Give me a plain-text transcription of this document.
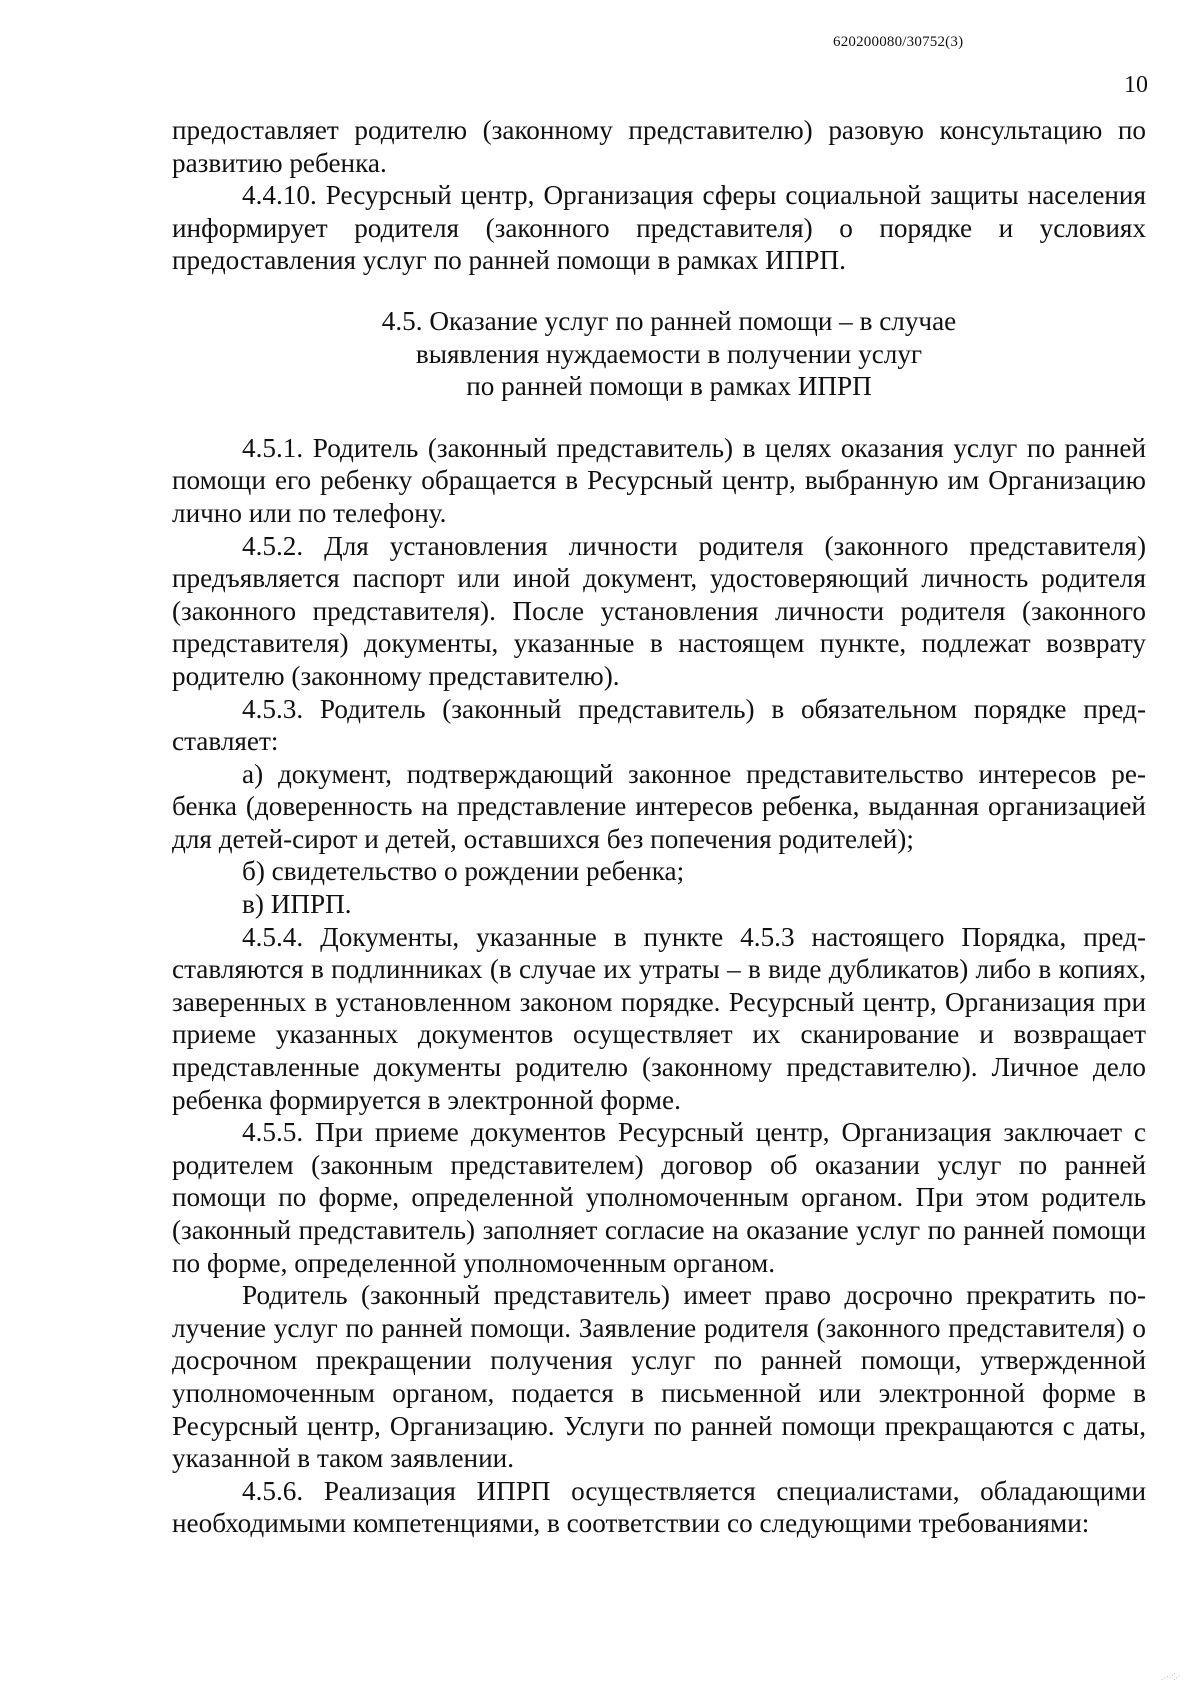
620200080/30752(3)
10

предоставляет родителю (законному представителю) разовую консультацию по развитию ребенка.

4.4.10. Ресурсный центр, Организация сферы социальной защиты населения информирует родителя (законного представителя) о порядке и условиях предоставления услуг по ранней помощи в рамках ИПРП.

4.5. Оказание услуг по ранней помощи – в случае
выявления нуждаемости в получении услуг
по ранней помощи в рамках ИПРП

4.5.1. Родитель (законный представитель) в целях оказания услуг по ранней помощи его ребенку обращается в Ресурсный центр, выбранную им Организацию лично или по телефону.

4.5.2. Для установления личности родителя (законного представителя) предъявляется паспорт или иной документ, удостоверяющий личность родителя (законного представителя). После установления личности родителя (законного представителя) документы, указанные в настоящем пункте, подлежат возврату родителю (законному представителю).

4.5.3. Родитель (законный представитель) в обязательном порядке представляет:

а) документ, подтверждающий законное представительство интересов ребенка (доверенность на представление интересов ребенка, выданная организацией для детей-сирот и детей, оставшихся без попечения родителей);

б) свидетельство о рождении ребенка;

в) ИПРП.

4.5.4. Документы, указанные в пункте 4.5.3 настоящего Порядка, представляются в подлинниках (в случае их утраты – в виде дубликатов) либо в копиях, заверенных в установленном законом порядке. Ресурсный центр, Организация при приеме указанных документов осуществляет их сканирование и возвращает представленные документы родителю (законному представителю). Личное дело ребенка формируется в электронной форме.

4.5.5. При приеме документов Ресурсный центр, Организация заключает с родителем (законным представителем) договор об оказании услуг по ранней помощи по форме, определенной уполномоченным органом. При этом родитель (законный представитель) заполняет согласие на оказание услуг по ранней помощи по форме, определенной уполномоченным органом.

Родитель (законный представитель) имеет право досрочно прекратить получение услуг по ранней помощи. Заявление родителя (законного представителя) о досрочном прекращении получения услуг по ранней помощи, утвержденной уполномоченным органом, подается в письменной или электронной форме в Ресурсный центр, Организацию. Услуги по ранней помощи прекращаются с даты, указанной в таком заявлении.

4.5.6. Реализация ИПРП осуществляется специалистами, обладающими необходимыми компетенциями, в соответствии со следующими требованиями:
